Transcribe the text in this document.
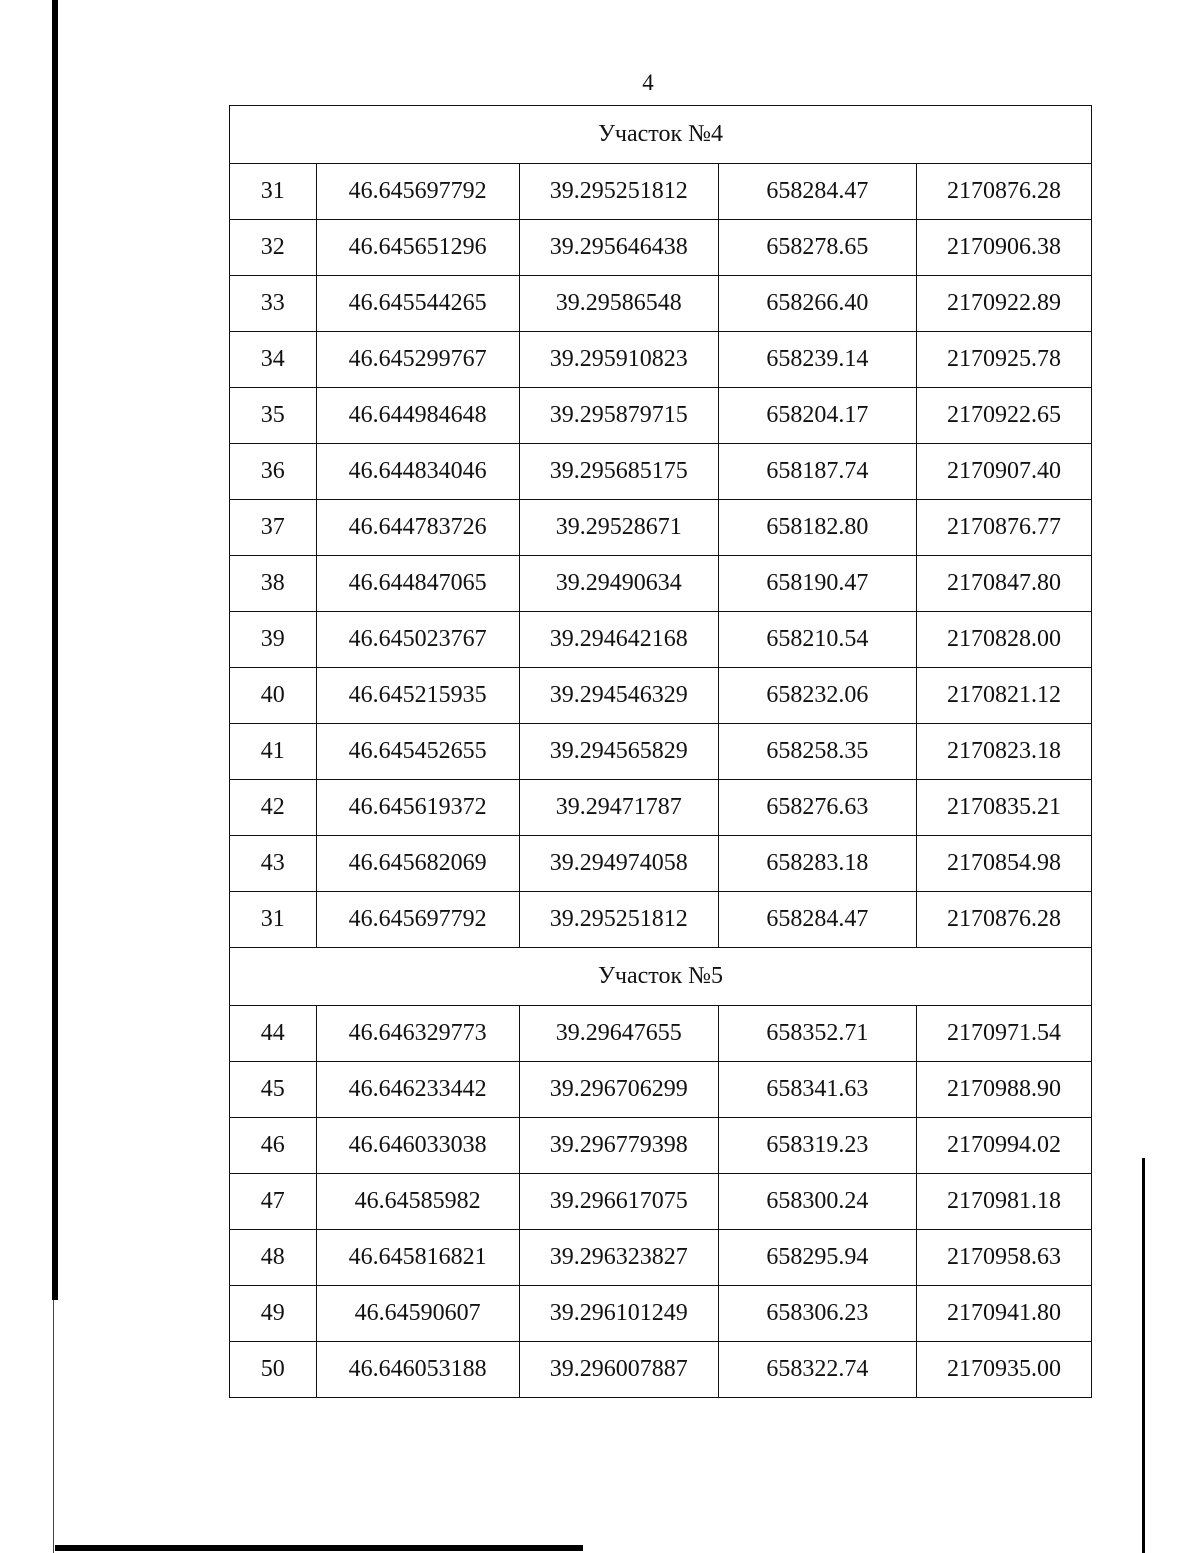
4
Участок №4				
31	46.645697792	39.295251812	658284.47	2170876.28
32	46.645651296	39.295646438	658278.65	2170906.38
33	46.645544265	39.29586548	658266.40	2170922.89
34	46.645299767	39.295910823	658239.14	2170925.78
35	46.644984648	39.295879715	658204.17	2170922.65
36	46.644834046	39.295685175	658187.74	2170907.40
37	46.644783726	39.29528671	658182.80	2170876.77
38	46.644847065	39.29490634	658190.47	2170847.80
39	46.645023767	39.294642168	658210.54	2170828.00
40	46.645215935	39.294546329	658232.06	2170821.12
41	46.645452655	39.294565829	658258.35	2170823.18
42	46.645619372	39.29471787	658276.63	2170835.21
43	46.645682069	39.294974058	658283.18	2170854.98
31	46.645697792	39.295251812	658284.47	2170876.28
Участок №5				
44	46.646329773	39.29647655	658352.71	2170971.54
45	46.646233442	39.296706299	658341.63	2170988.90
46	46.646033038	39.296779398	658319.23	2170994.02
47	46.64585982	39.296617075	658300.24	2170981.18
48	46.645816821	39.296323827	658295.94	2170958.63
49	46.64590607	39.296101249	658306.23	2170941.80
50	46.646053188	39.296007887	658322.74	2170935.00
